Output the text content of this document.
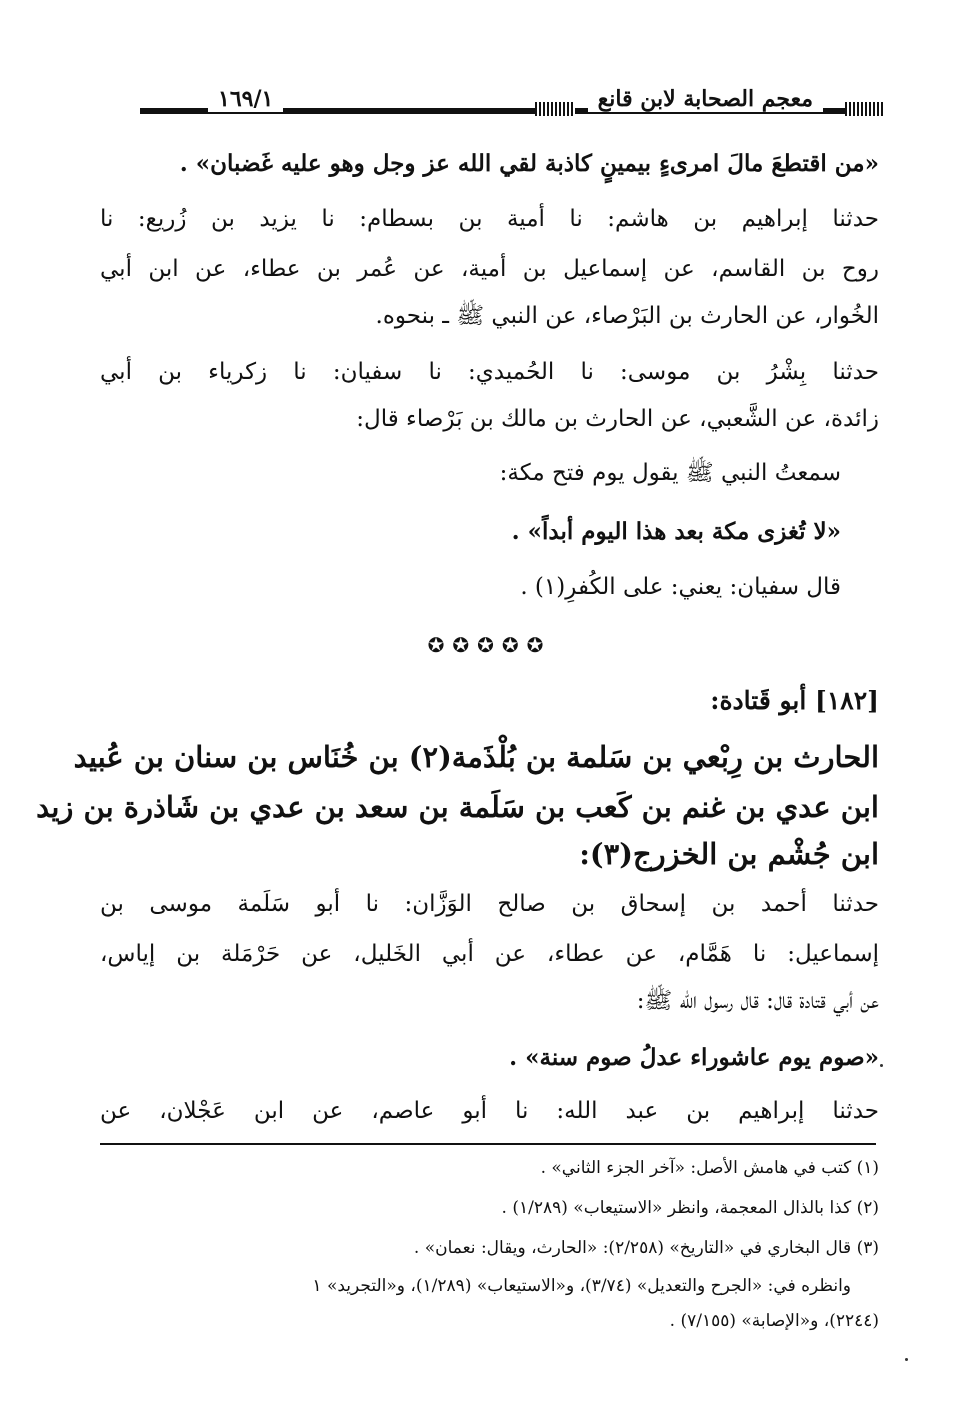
معجم الصحابة لابن قانع
١٦٩/١
«من اقتطعَ مالَ امرىءٍ بيمينٍ كاذبة لقي الله عز وجل وهو عليه غَضبان» .
حدثنا إبراهيم بن هاشم: نا أمية بن بسطام: نا يزيد بن زُريع: نا
روح بن القاسم، عن إسماعيل بن أمية، عن عُمر بن عطاء، عن ابن أبي
الخُوار، عن الحارث بن البَرْصاء، عن النبي ﷺ ـ بنحوه.
حدثنا بِشْرُ بن موسى: نا الحُميدي: نا سفيان: نا زكرياء بن أبي
زائدة، عن الشَّعبي، عن الحارث بن مالك بن بَرْصاء قال:
سمعتُ النبي ﷺ يقول يوم فتح مكة:
«لا تُغزى مكة بعد هذا اليوم أبداً» .
قال سفيان: يعني: على الكُفرِ(١) .
✪✪✪✪✪
[١٨٢] أبو قَتادة:
الحارث بن رِبْعي بن سَلمة بن بُلْذَمة(٢) بن خُنَاس بن سنان بن عُبيد
ابن عدي بن غنم بن كَعب بن سَلَمة بن سعد بن عدي بن شَاذرة بن زيد
ابن جُشْم بن الخزرج(٣):
حدثنا أحمد بن إسحاق بن صالح الوَزَّان: نا أبو سَلَمة موسى بن
إسماعيل: نا هَمَّام، عن عطاء، عن أبي الخَليل، عن حَرْمَلة بن إياس،
عن أبي قتادة قال: قال رسول الله ﷺ:
«صوم يوم عاشوراء عدلُ صوم سنة» .
حدثنا إبراهيم بن عبد الله: نا أبو عاصم، عن ابن عَجْلان، عن
(١) كتب في هامش الأصل: «آخر الجزء الثاني» .
(٢) كذا بالذال المعجمة، وانظر «الاستيعاب» (١/٢٨٩) .
(٣) قال البخاري في «التاريخ» (٢/٢٥٨): «الحارث، ويقال: نعمان» .
وانظره في: «الجرح والتعديل» (٣/٧٤)، و«الاستيعاب» (١/٢٨٩)، و«التجريد» ١
(٢٢٤٤)، و«الإصابة» (٧/١٥٥) .
